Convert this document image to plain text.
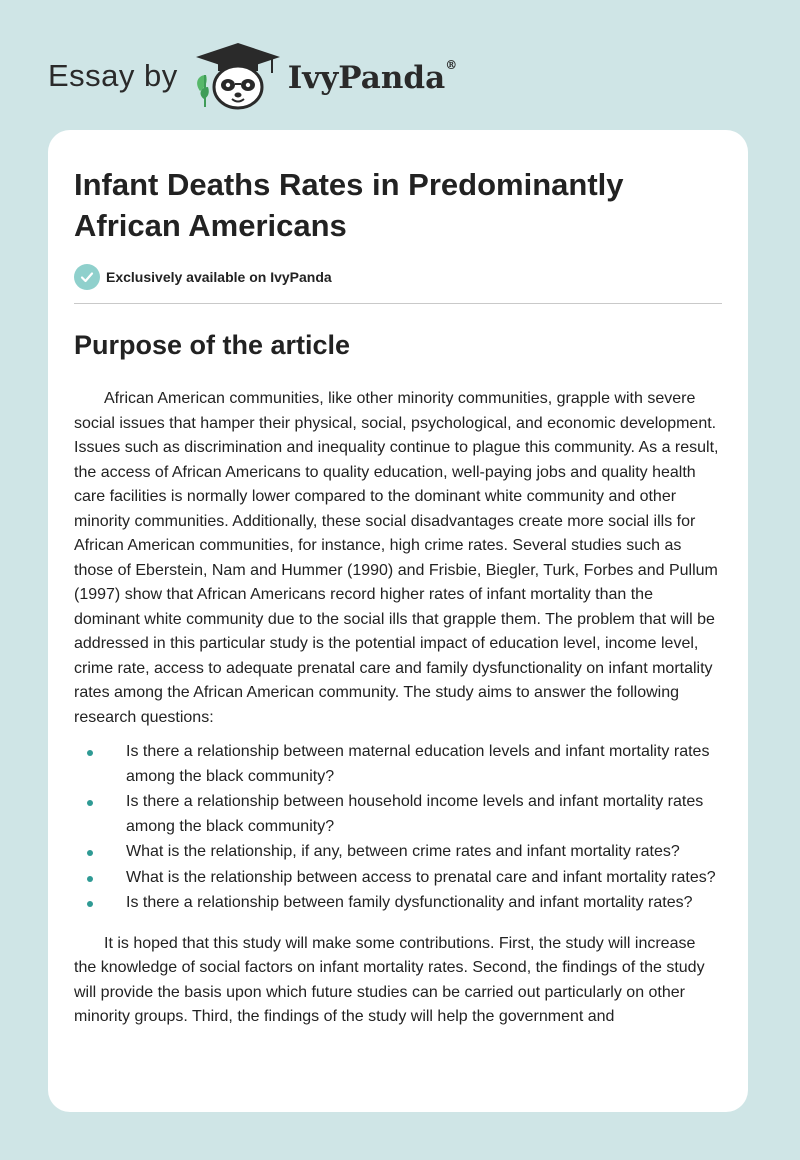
Essay by	IvyPanda®
Infant Deaths Rates in Predominantly African Americans
Exclusively available on IvyPanda
Purpose of the article

African American communities, like other minority communities, grapple with severe social issues that hamper their physical, social, psychological, and economic development. Issues such as discrimination and inequality continue to plague this community. As a result, the access of African Americans to quality education, well-paying jobs and quality health care facilities is normally lower compared to the dominant white community and other minority communities. Additionally, these social disadvantages create more social ills for African American communities, for instance, high crime rates. Several studies such as those of Eberstein, Nam and Hummer (1990) and Frisbie, Biegler, Turk, Forbes and Pullum (1997) show that African Americans record higher rates of infant mortality than the dominant white community due to the social ills that grapple them. The problem that will be addressed in this particular study is the potential impact of education level, income level, crime rate, access to adequate prenatal care and family dysfunctionality on infant mortality rates among the African American community. The study aims to answer the following research questions:

Is there a relationship between maternal education levels and infant mortality rates among the black community?
Is there a relationship between household income levels and infant mortality rates among the black community?
What is the relationship, if any, between crime rates and infant mortality rates?
What is the relationship between access to prenatal care and infant mortality rates?
Is there a relationship between family dysfunctionality and infant mortality rates?

It is hoped that this study will make some contributions. First, the study will increase the knowledge of social factors on infant mortality rates. Second, the findings of the study will provide the basis upon which future studies can be carried out particularly on other minority groups. Third, the findings of the study will help the government and
